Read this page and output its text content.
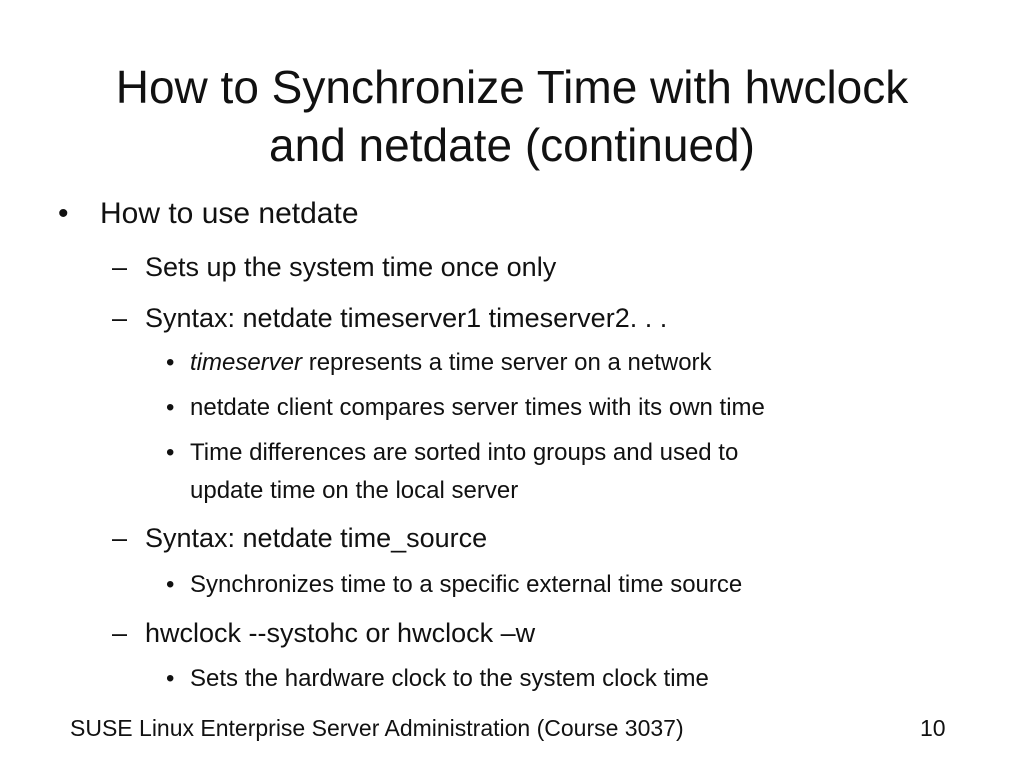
How to Synchronize Time with hwclock
and netdate (continued)
• How to use netdate
– Sets up the system time once only
– Syntax: netdate timeserver1 timeserver2. . .
• timeserver represents a time server on a network
• netdate client compares server times with its own time
• Time differences are sorted into groups and used to
update time on the local server
– Syntax: netdate time_source
• Synchronizes time to a specific external time source
– hwclock --systohc or hwclock –w
• Sets the hardware clock to the system clock time
SUSE Linux Enterprise Server Administration (Course 3037)	10
